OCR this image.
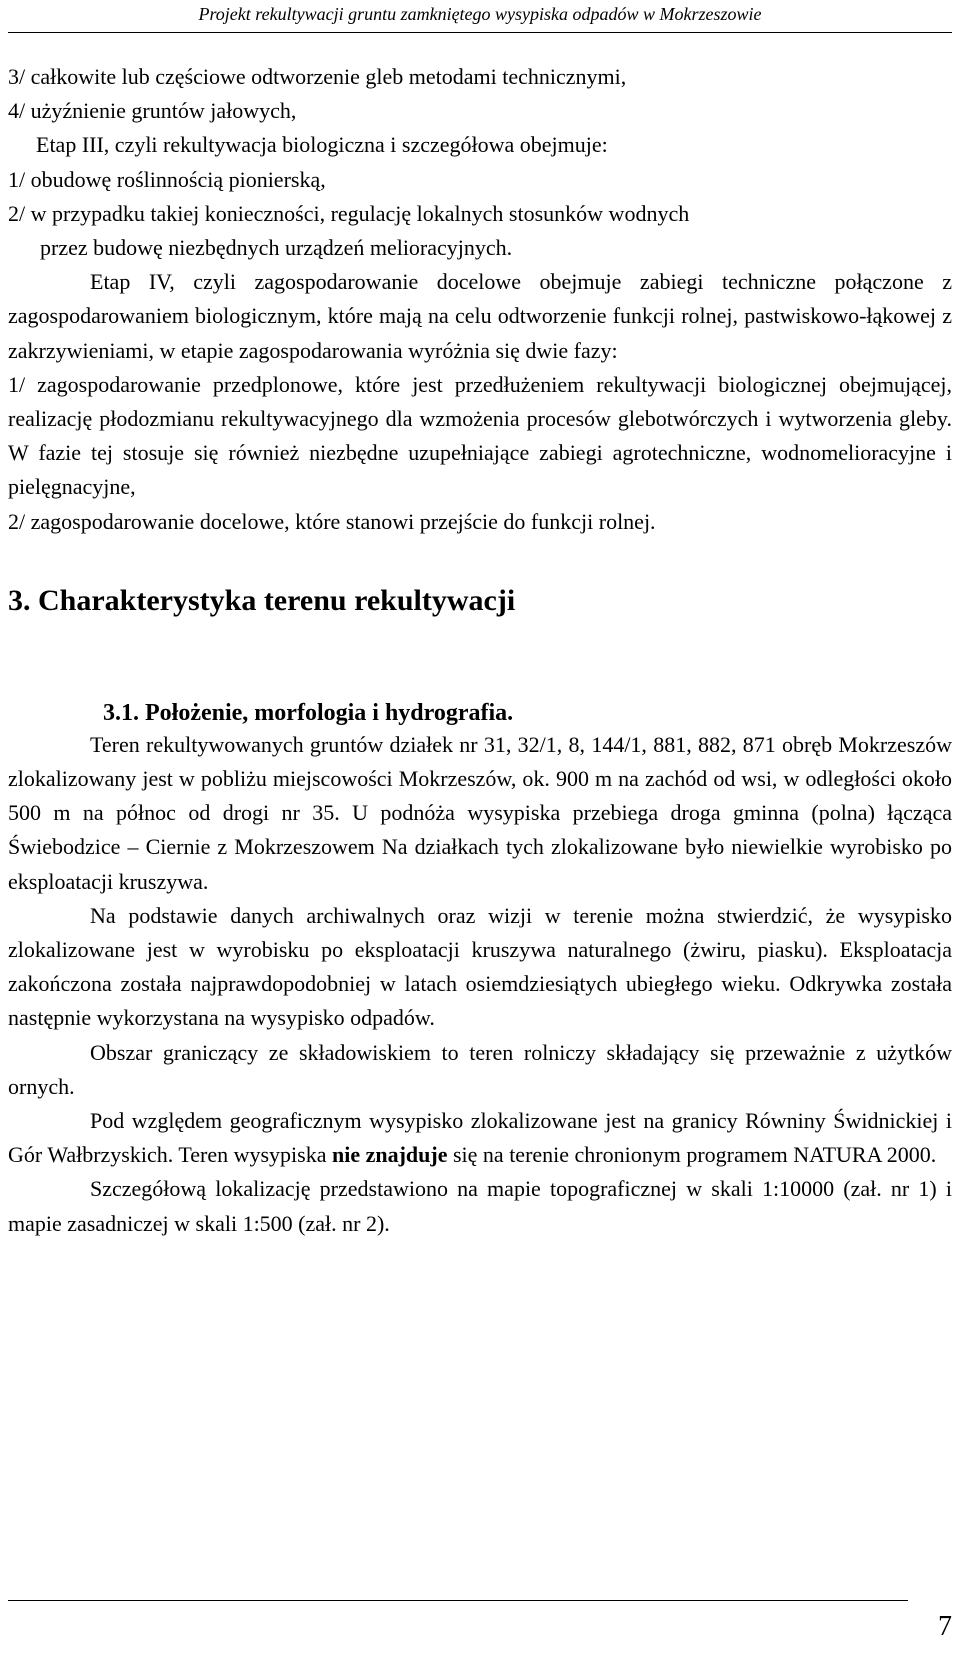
Projekt rekultywacji gruntu zamkniętego wysypiska odpadów w Mokrzeszowie
3/ całkowite lub częściowe odtworzenie gleb metodami technicznymi,
4/ użyźnienie gruntów jałowych,
Etap III, czyli rekultywacja biologiczna i szczegółowa obejmuje:
1/ obudowę roślinnością pionierską,
2/ w przypadku takiej konieczności, regulację lokalnych stosunków wodnych
przez budowę niezbędnych urządzeń melioracyjnych.

Etap IV, czyli zagospodarowanie docelowe obejmuje zabiegi techniczne połączone z zagospodarowaniem biologicznym, które mają na celu odtworzenie funkcji rolnej, pastwiskowo-łąkowej z zakrzywieniami, w etapie zagospodarowania wyróżnia się dwie fazy:

1/ zagospodarowanie przedplonowe, które jest przedłużeniem rekultywacji biologicznej obejmującej, realizację płodozmianu rekultywacyjnego dla wzmożenia procesów glebotwórczych i wytworzenia gleby. W fazie tej stosuje się również niezbędne uzupełniające zabiegi agrotechniczne, wodnomelioracyjne i pielęgnacyjne,

2/ zagospodarowanie docelowe, które stanowi przejście do funkcji rolnej.

3. Charakterystyka terenu rekultywacji
3.1. Położenie, morfologia i hydrografia.

Teren rekultywowanych gruntów działek nr 31, 32/1, 8, 144/1, 881, 882, 871 obręb Mokrzeszów zlokalizowany jest w pobliżu miejscowości Mokrzeszów, ok. 900 m na zachód od wsi, w odległości około 500 m na północ od drogi nr 35. U podnóża wysypiska przebiega droga gminna (polna) łącząca Świebodzice – Ciernie z Mokrzeszowem Na działkach tych zlokalizowane było niewielkie wyrobisko po eksploatacji kruszywa.

Na podstawie danych archiwalnych oraz wizji w terenie można stwierdzić, że wysypisko zlokalizowane jest w wyrobisku po eksploatacji kruszywa naturalnego (żwiru, piasku). Eksploatacja zakończona została najprawdopodobniej w latach osiemdziesiątych ubiegłego wieku. Odkrywka została następnie wykorzystana na wysypisko odpadów.

Obszar graniczący ze składowiskiem to teren rolniczy składający się przeważnie z użytków ornych.

Pod względem geograficznym wysypisko zlokalizowane jest na granicy Równiny Świdnickiej i Gór Wałbrzyskich. Teren wysypiska nie znajduje się na terenie chronionym programem NATURA 2000.

Szczegółową lokalizację przedstawiono na mapie topograficznej w skali 1:10000 (zał. nr 1) i mapie zasadniczej w skali 1:500 (zał. nr 2).

7
